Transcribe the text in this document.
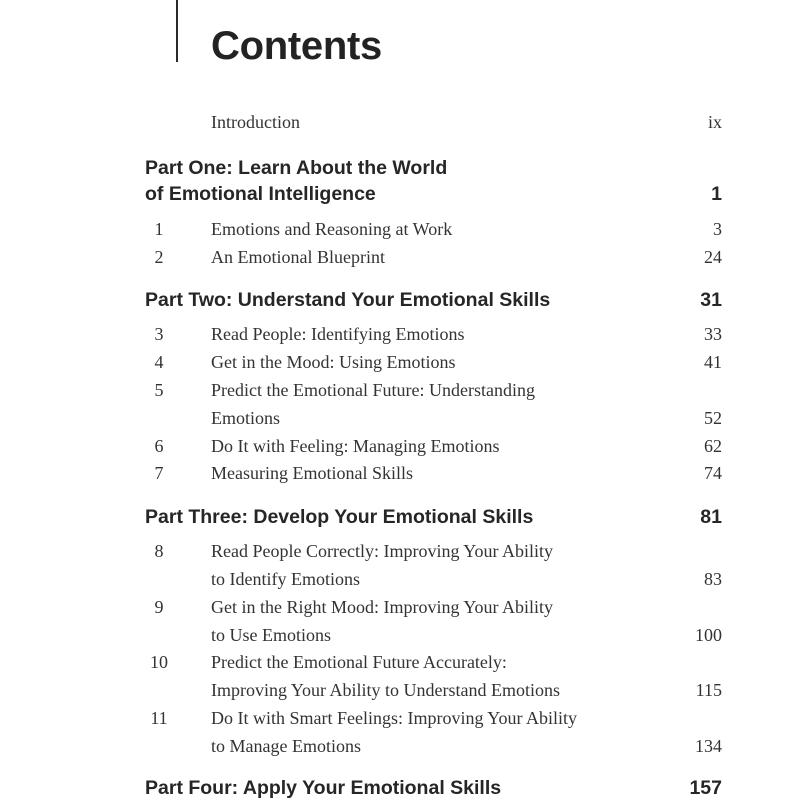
Contents
Introduction	ix
Part One: Learn About the World
of Emotional Intelligence	1
1	Emotions and Reasoning at Work	3
2	An Emotional Blueprint	24
Part Two: Understand Your Emotional Skills	31
3	Read People: Identifying Emotions	33
4	Get in the Mood: Using Emotions	41
5	Predict the Emotional Future: Understanding
Emotions	52
6	Do It with Feeling: Managing Emotions	62
7	Measuring Emotional Skills	74
Part Three: Develop Your Emotional Skills	81
8	Read People Correctly: Improving Your Ability
to Identify Emotions	83
9	Get in the Right Mood: Improving Your Ability
to Use Emotions	100
10	Predict the Emotional Future Accurately:
Improving Your Ability to Understand Emotions	115
11	Do It with Smart Feelings: Improving Your Ability
to Manage Emotions	134
Part Four: Apply Your Emotional Skills	157
